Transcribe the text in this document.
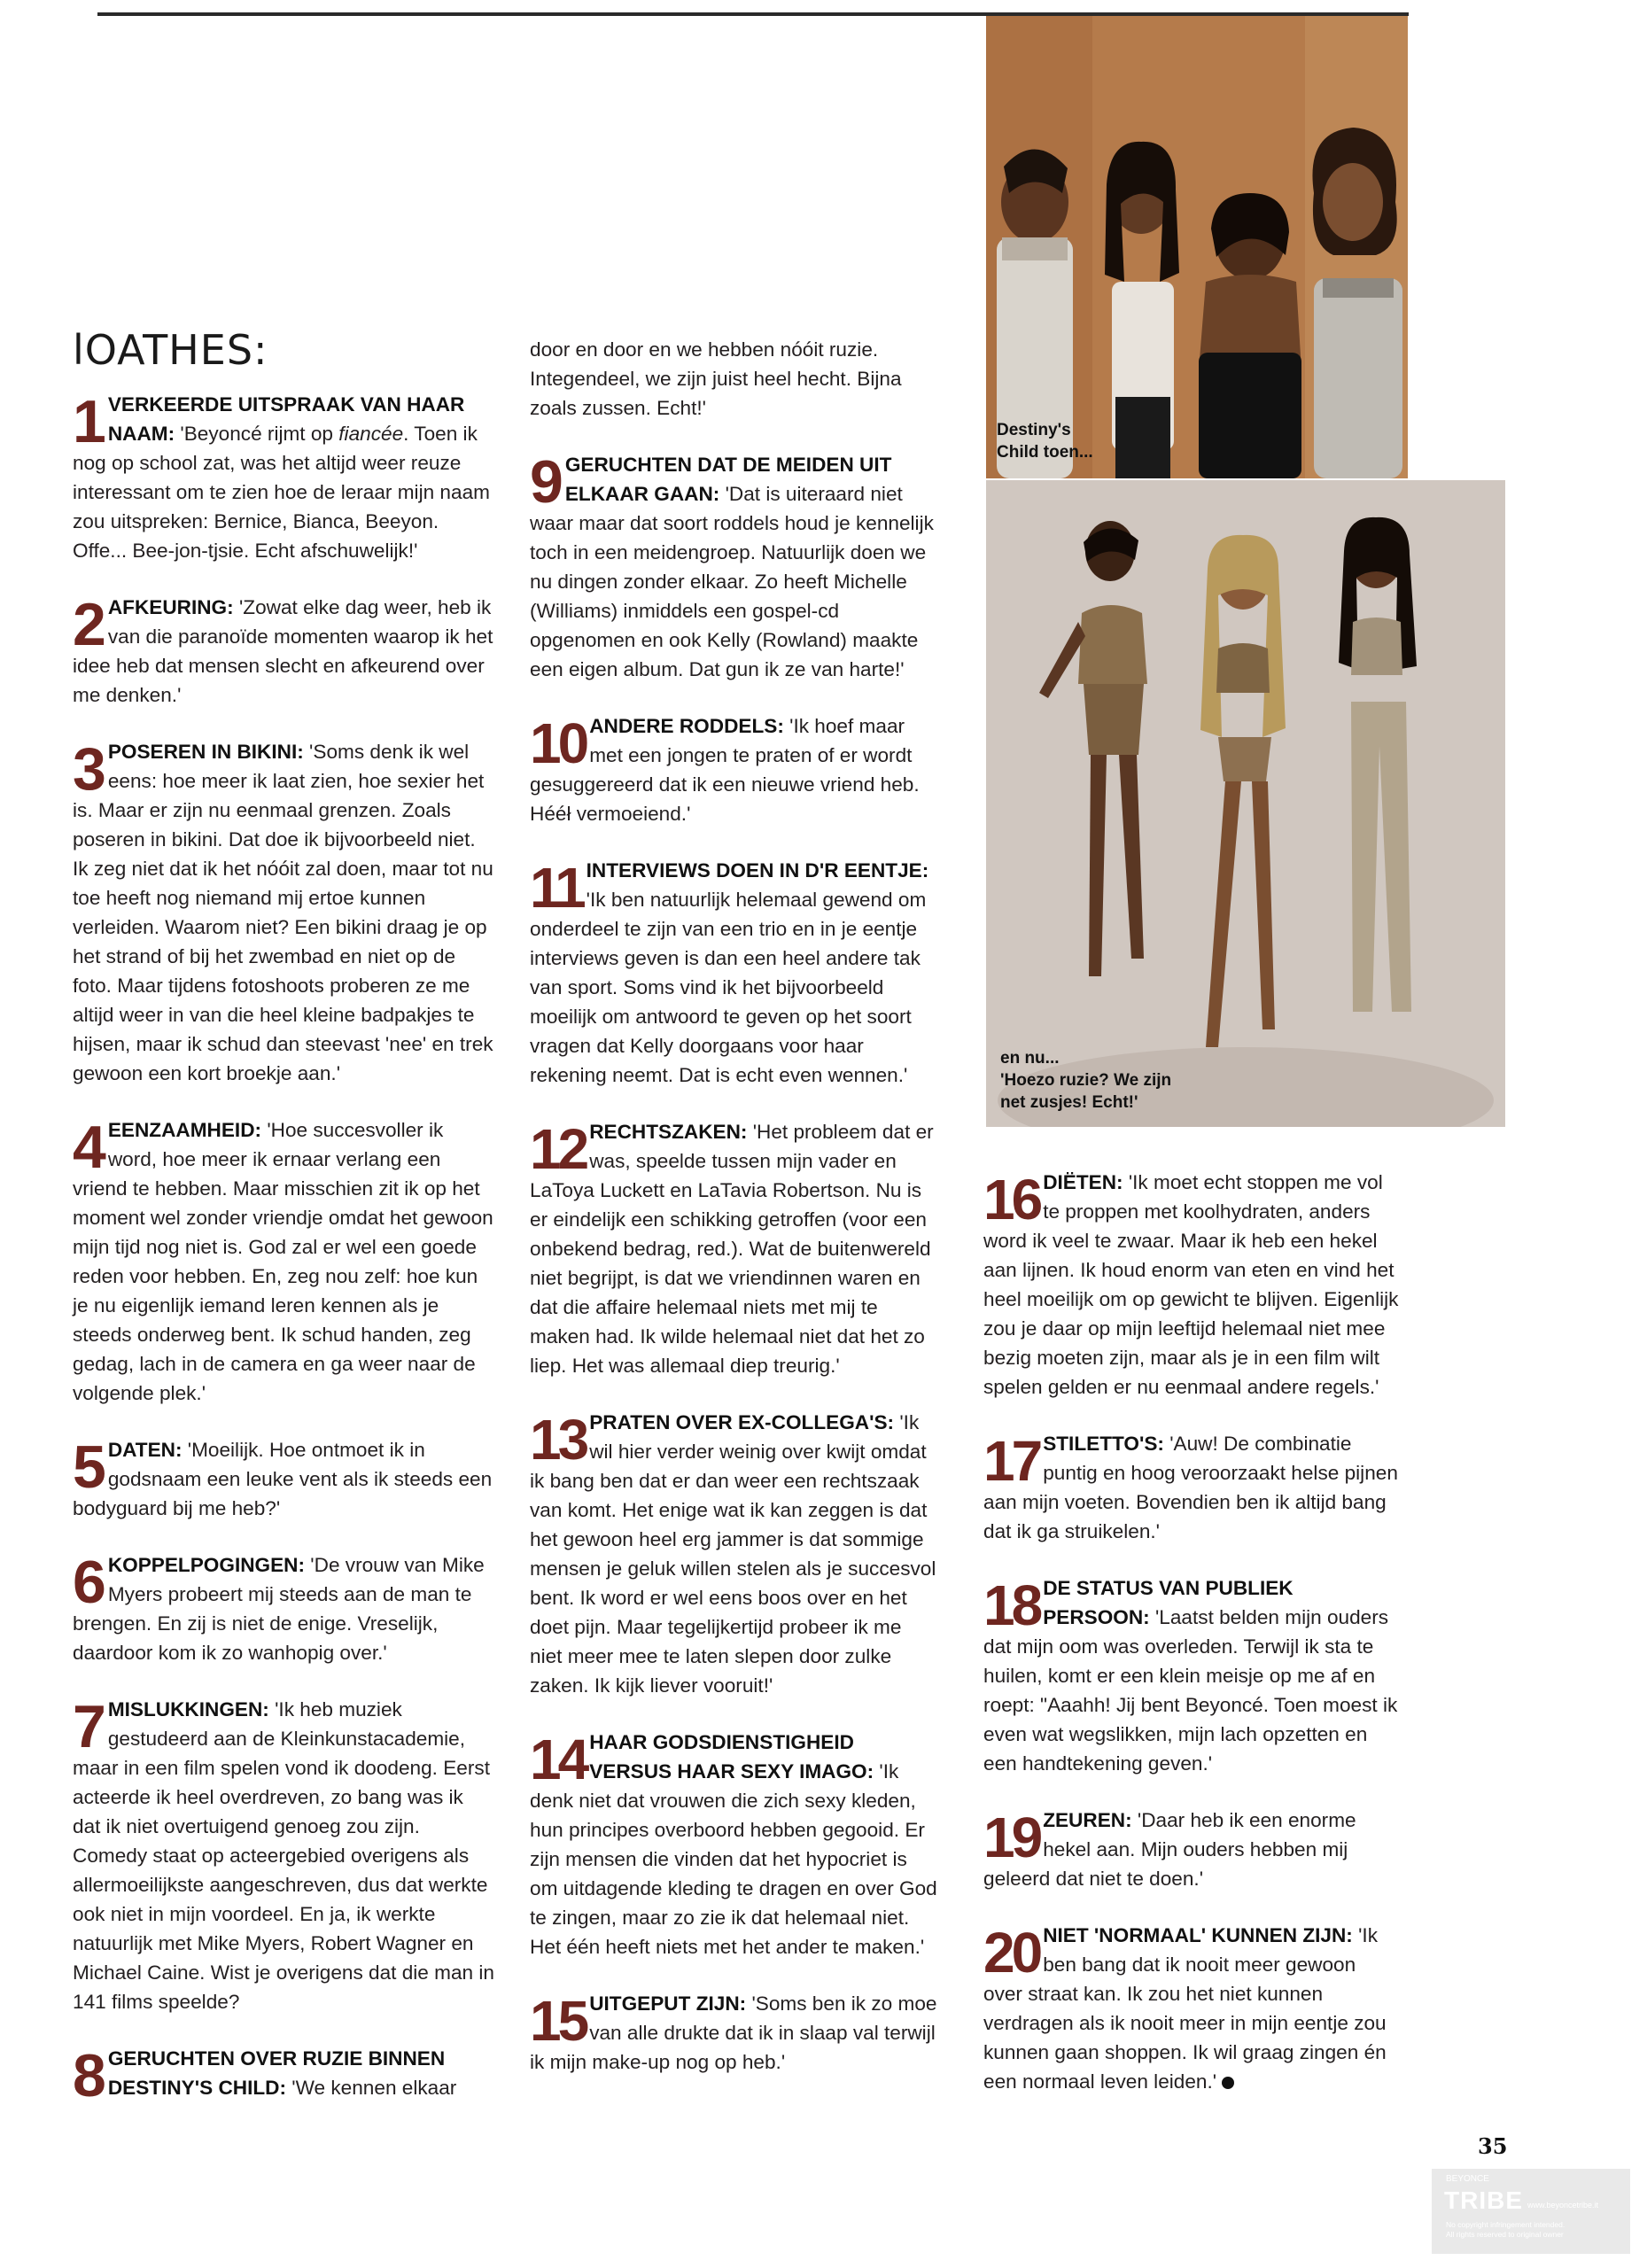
lOATHES:
1 VERKEERDE UITSPRAAK VAN HAAR NAAM: 'Beyoncé rijmt op fiancée. Toen ik nog op school zat, was het altijd weer reuze interessant om te zien hoe de leraar mijn naam zou uitspreken: Bernice, Bianca, Beeyon. Offe... Bee-jon-tjsie. Echt afschuwelijk!'

2 AFKEURING: 'Zowat elke dag weer, heb ik van die paranoïde momenten waarop ik het idee heb dat mensen slecht en afkeurend over me denken.'

3 POSEREN IN BIKINI: 'Soms denk ik wel eens: hoe meer ik laat zien, hoe sexier het is. Maar er zijn nu eenmaal grenzen. Zoals poseren in bikini. Dat doe ik bijvoorbeeld niet. Ik zeg niet dat ik het nóóit zal doen, maar tot nu toe heeft nog niemand mij ertoe kunnen verleiden. Waarom niet? Een bikini draag je op het strand of bij het zwembad en niet op de foto. Maar tijdens fotoshoots proberen ze me altijd weer in van die heel kleine badpakjes te hijsen, maar ik schud dan steevast 'nee' en trek gewoon een kort broekje aan.'

4 EENZAAMHEID: 'Hoe succesvoller ik word, hoe meer ik ernaar verlang een vriend te hebben. Maar misschien zit ik op het moment wel zonder vriendje omdat het gewoon mijn tijd nog niet is. God zal er wel een goede reden voor hebben. En, zeg nou zelf: hoe kun je nu eigenlijk iemand leren kennen als je steeds onderweg bent. Ik schud handen, zeg gedag, lach in de camera en ga weer naar de volgende plek.'

5 DATEN: 'Moeilijk. Hoe ontmoet ik in godsnaam een leuke vent als ik steeds een bodyguard bij me heb?'

6 KOPPELPOGINGEN: 'De vrouw van Mike Myers probeert mij steeds aan de man te brengen. En zij is niet de enige. Vreselijk, daardoor kom ik zo wanhopig over.'

7 MISLUKKINGEN: 'Ik heb muziek gestudeerd aan de Kleinkunstacademie, maar in een film spelen vond ik doodeng. Eerst acteerde ik heel overdreven, zo bang was ik dat ik niet overtuigend genoeg zou zijn. Comedy staat op acteergebied overigens als allermoeilijkste aangeschreven, dus dat werkte ook niet in mijn voordeel. En ja, ik werkte natuurlijk met Mike Myers, Robert Wagner en Michael Caine. Wist je overigens dat die man in 141 films speelde?

8 GERUCHTEN OVER RUZIE BINNEN DESTINY'S CHILD: 'We kennen elkaar

door en door en we hebben nóóit ruzie. Integendeel, we zijn juist heel hecht. Bijna zoals zussen. Echt!'

9 GERUCHTEN DAT DE MEIDEN UIT ELKAAR GAAN: 'Dat is uiteraard niet waar maar dat soort roddels houd je kennelijk toch in een meidengroep. Natuurlijk doen we nu dingen zonder elkaar. Zo heeft Michelle (Williams) inmiddels een gospel-cd opgenomen en ook Kelly (Rowland) maakte een eigen album. Dat gun ik ze van harte!'

10 ANDERE RODDELS: 'Ik hoef maar met een jongen te praten of er wordt gesuggereerd dat ik een nieuwe vriend heb. Hééł vermoeiend.'

11 INTERVIEWS DOEN IN D'R EENTJE: 'Ik ben natuurlijk helemaal gewend om onderdeel te zijn van een trio en in je eentje interviews geven is dan een heel andere tak van sport. Soms vind ik het bijvoorbeeld moeilijk om antwoord te geven op het soort vragen dat Kelly doorgaans voor haar rekening neemt. Dat is echt even wennen.'

12 RECHTSZAKEN: 'Het probleem dat er was, speelde tussen mijn vader en LaToya Luckett en LaTavia Robertson. Nu is er eindelijk een schikking getroffen (voor een onbekend bedrag, red.). Wat de buitenwereld niet begrijpt, is dat we vriendinnen waren en dat die affaire helemaal niets met mij te maken had. Ik wilde helemaal niet dat het zo liep. Het was allemaal diep treurig.'

13 PRATEN OVER EX-COLLEGA'S: 'Ik wil hier verder weinig over kwijt omdat ik bang ben dat er dan weer een rechtszaak van komt. Het enige wat ik kan zeggen is dat het gewoon heel erg jammer is dat sommige mensen je geluk willen stelen als je succesvol bent. Ik word er wel eens boos over en het doet pijn. Maar tegelijkertijd probeer ik me niet meer mee te laten slepen door zulke zaken. Ik kijk liever vooruit!'

14 HAAR GODSDIENSTIGHEID VERSUS HAAR SEXY IMAGO: 'Ik denk niet dat vrouwen die zich sexy kleden, hun principes overboord hebben gegooid. Er zijn mensen die vinden dat het hypocriet is om uitdagende kleding te dragen en over God te zingen, maar zo zie ik dat helemaal niet. Het één heeft niets met het ander te maken.'

15 UITGEPUT ZIJN: 'Soms ben ik zo moe van alle drukte dat ik in slaap val terwijl ik mijn make-up nog op heb.'

Destiny's
Child toen...
en nu...
'Hoezo ruzie? We zijn
net zusjes! Echt!'
16 DIËTEN: 'Ik moet echt stoppen me vol te proppen met koolhydraten, anders word ik veel te zwaar. Maar ik heb een hekel aan lijnen. Ik houd enorm van eten en vind het heel moeilijk om op gewicht te blijven. Eigenlijk zou je daar op mijn leeftijd helemaal niet mee bezig moeten zijn, maar als je in een film wilt spelen gelden er nu eenmaal andere regels.'

17 STILETTO'S: 'Auw! De combinatie puntig en hoog veroorzaakt helse pijnen aan mijn voeten. Bovendien ben ik altijd bang dat ik ga struikelen.'

18 DE STATUS VAN PUBLIEK PERSOON: 'Laatst belden mijn ouders dat mijn oom was overleden. Terwijl ik sta te huilen, komt er een klein meisje op me af en roept: "Aaahh! Jij bent Beyoncé. Toen moest ik even wat wegslikken, mijn lach opzetten en een handtekening geven.'

19 ZEUREN: 'Daar heb ik een enorme hekel aan. Mijn ouders hebben mij geleerd dat niet te doen.'

20 NIET 'NORMAAL' KUNNEN ZIJN: 'Ik ben bang dat ik nooit meer gewoon over straat kan. Ik zou het niet kunnen verdragen als ik nooit meer in mijn eentje zou kunnen gaan shoppen. Ik wil graag zingen én een normaal leven leiden.'

35
BEYONCE
TRIBE www.beyoncetribe.it
No copyright infringement intended.
All rights reserved to original owner
